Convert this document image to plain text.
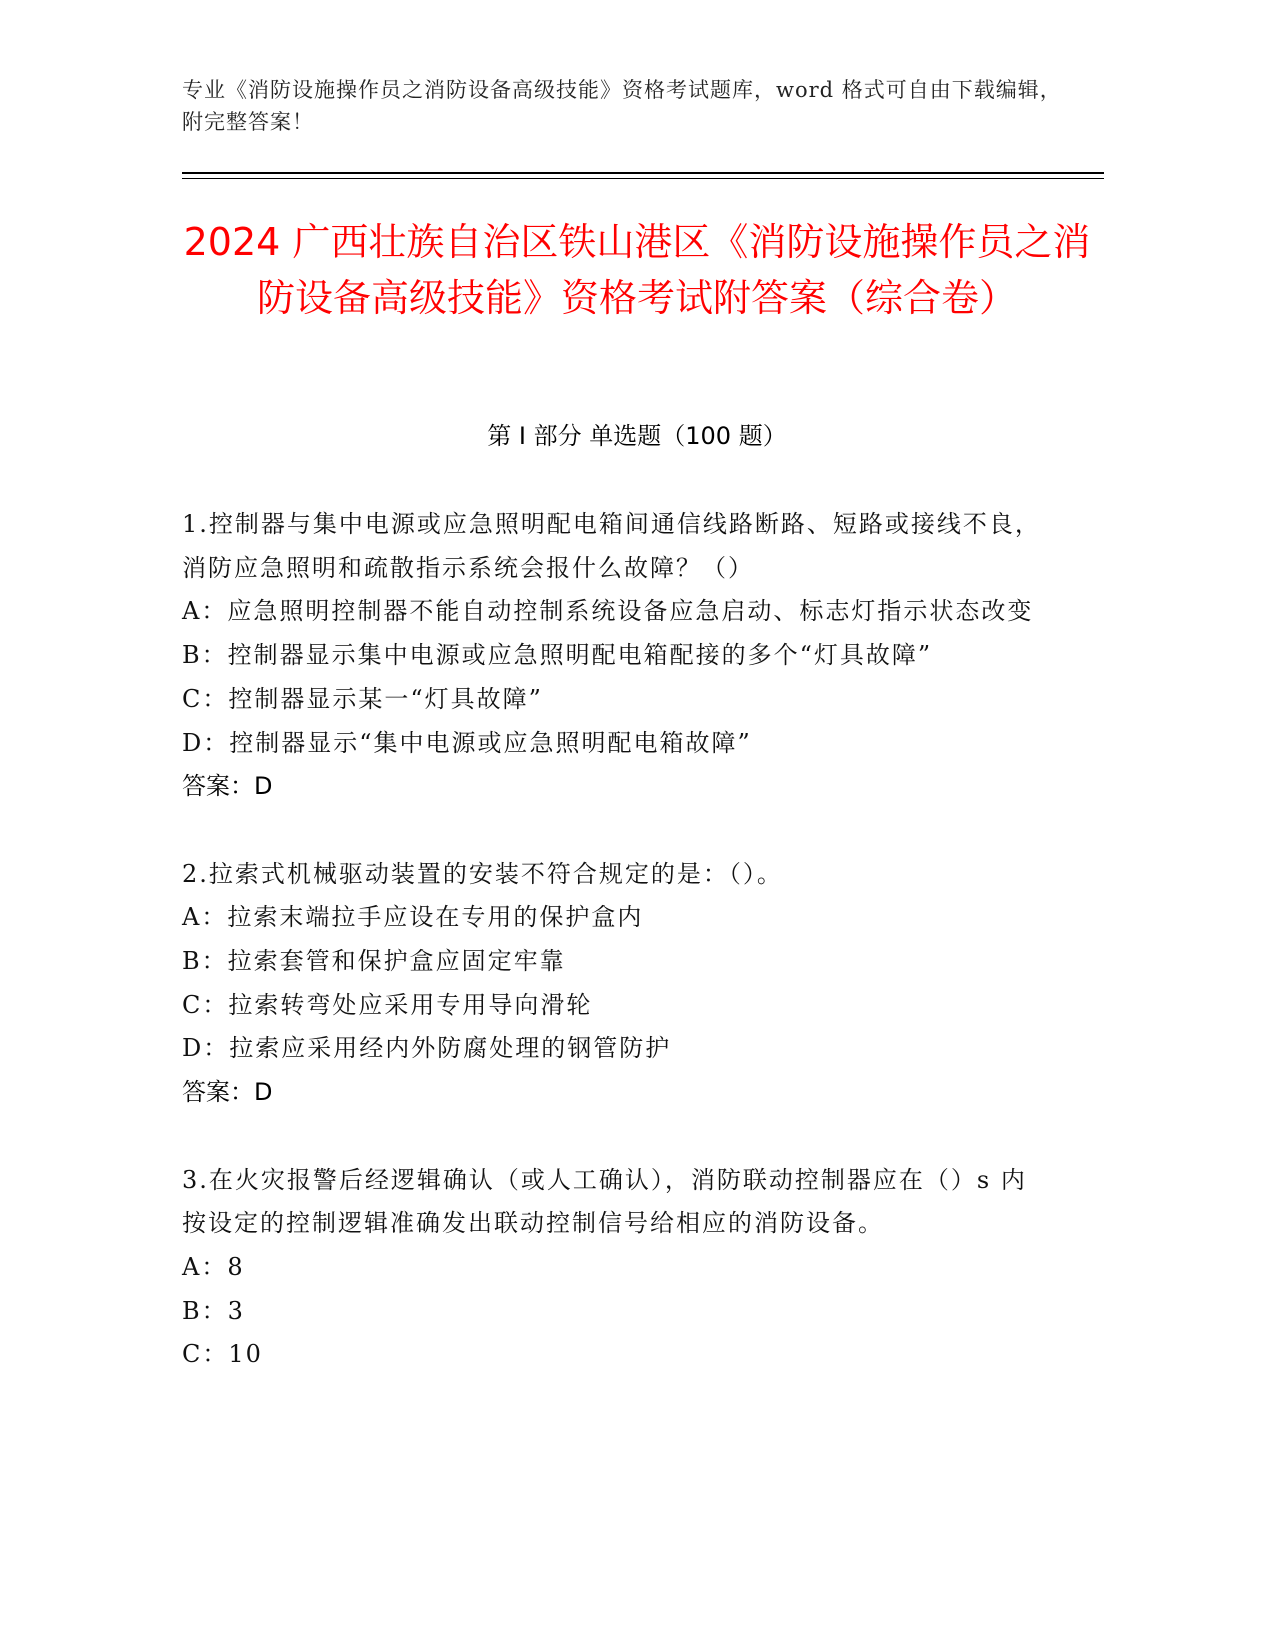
专业《消防设施操作员之消防设备高级技能》资格考试题库，word 格式可自由下载编辑，附完整答案！
2024 广西壮族自治区铁山港区《消防设施操作员之消防设备高级技能》资格考试附答案（综合卷）
第 I 部分 单选题（100 题）
1.控制器与集中电源或应急照明配电箱间通信线路断路、短路或接线不良，消防应急照明和疏散指示系统会报什么故障？（）
A：应急照明控制器不能自动控制系统设备应急启动、标志灯指示状态改变
B：控制器显示集中电源或应急照明配电箱配接的多个“灯具故障”
C：控制器显示某一“灯具故障”
D：控制器显示“集中电源或应急照明配电箱故障”
答案：D
2.拉索式机械驱动装置的安装不符合规定的是：（）。
A：拉索末端拉手应设在专用的保护盒内
B：拉索套管和保护盒应固定牢靠
C：拉索转弯处应采用专用导向滑轮
D：拉索应采用经内外防腐处理的钢管防护
答案：D
3.在火灾报警后经逻辑确认（或人工确认），消防联动控制器应在（）s 内按设定的控制逻辑准确发出联动控制信号给相应的消防设备。
A：8
B：3
C：10
